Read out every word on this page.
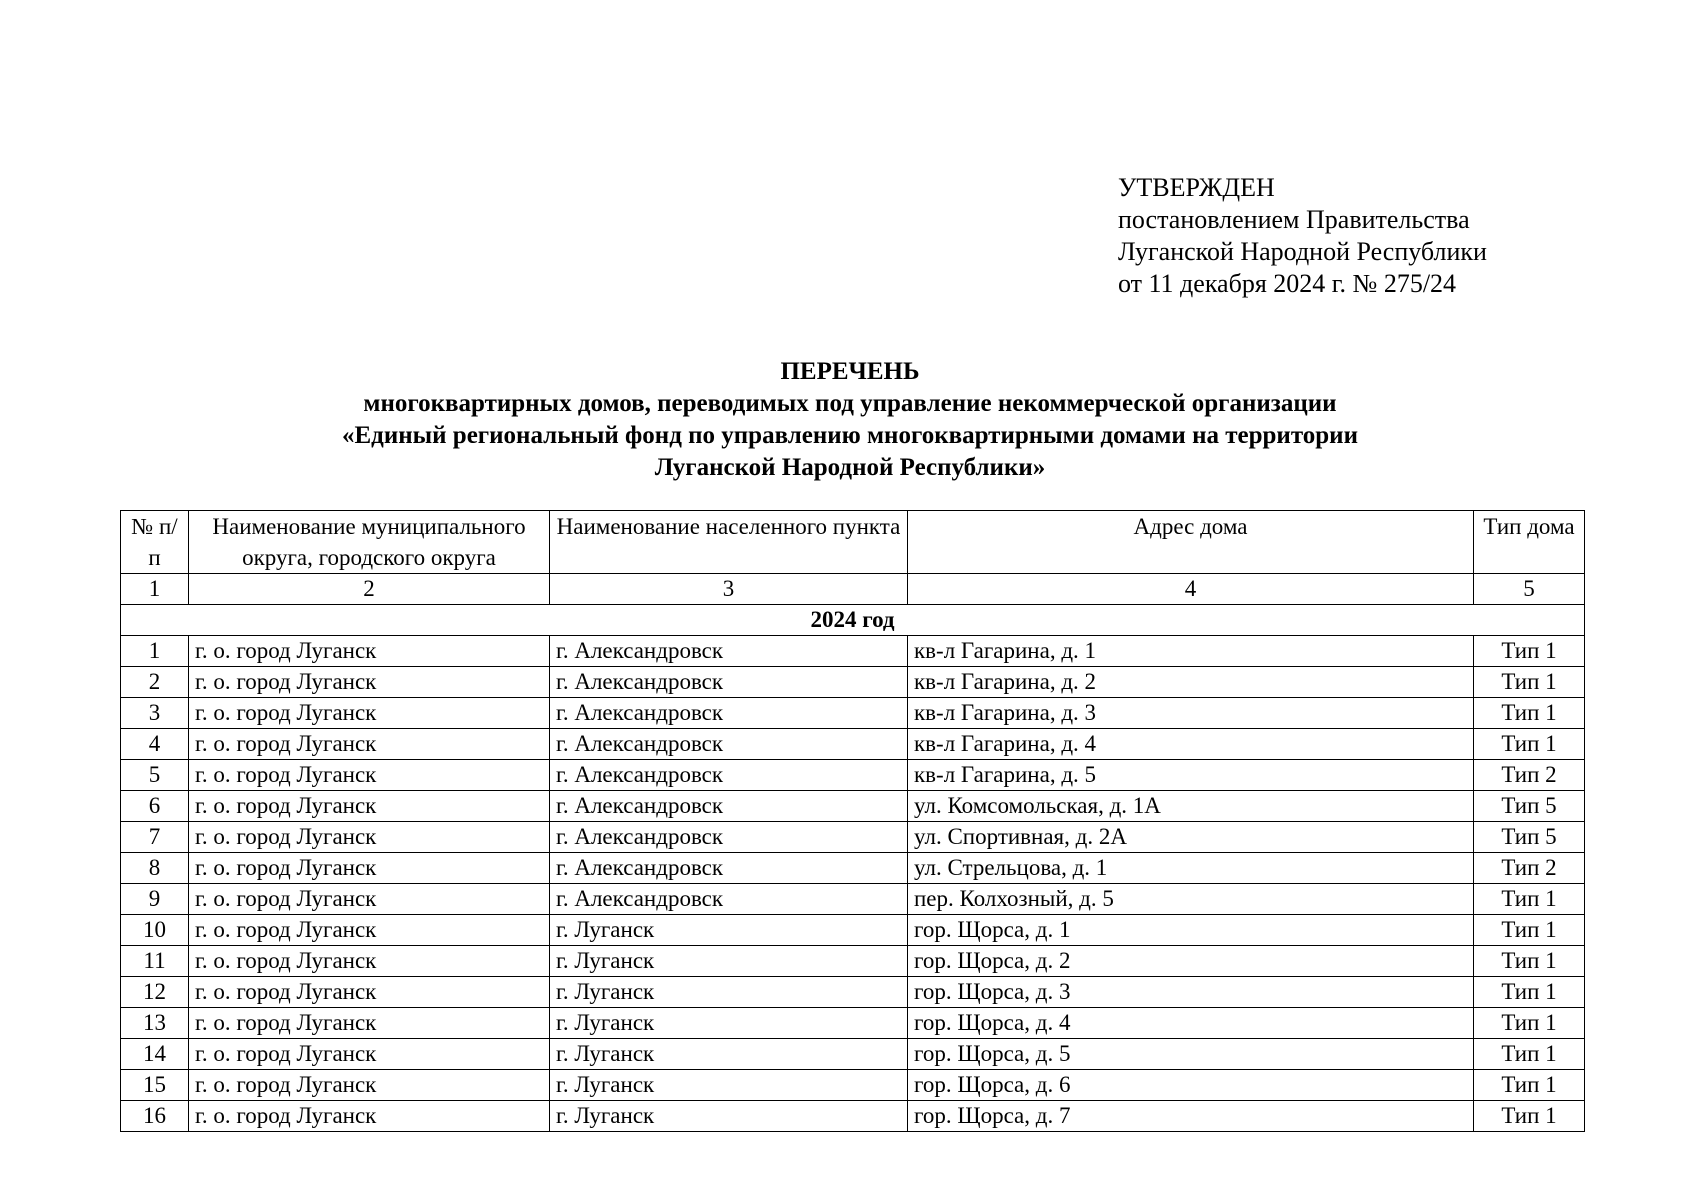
УТВЕРЖДЕН
постановлением Правительства
Луганской Народной Республики
от 11 декабря 2024 г. № 275/24
ПЕРЕЧЕНЬ
многоквартирных домов, переводимых под управление некоммерческой организации
«Единый региональный фонд по управлению многоквартирными домами на территории
Луганской Народной Республики»
№ п/п	Наименование муниципального округа, городского округа	Наименование населенного пункта	Адрес дома	Тип дома
1	2	3	4	5
2024 год				
1	г. о. город Луганск	г. Александровск	кв-л Гагарина, д. 1	Тип 1
2	г. о. город Луганск	г. Александровск	кв-л Гагарина, д. 2	Тип 1
3	г. о. город Луганск	г. Александровск	кв-л Гагарина, д. 3	Тип 1
4	г. о. город Луганск	г. Александровск	кв-л Гагарина, д. 4	Тип 1
5	г. о. город Луганск	г. Александровск	кв-л Гагарина, д. 5	Тип 2
6	г. о. город Луганск	г. Александровск	ул. Комсомольская, д. 1А	Тип 5
7	г. о. город Луганск	г. Александровск	ул. Спортивная, д. 2А	Тип 5
8	г. о. город Луганск	г. Александровск	ул. Стрельцова, д. 1	Тип 2
9	г. о. город Луганск	г. Александровск	пер. Колхозный, д. 5	Тип 1
10	г. о. город Луганск	г. Луганск	гор. Щорса, д. 1	Тип 1
11	г. о. город Луганск	г. Луганск	гор. Щорса, д. 2	Тип 1
12	г. о. город Луганск	г. Луганск	гор. Щорса, д. 3	Тип 1
13	г. о. город Луганск	г. Луганск	гор. Щорса, д. 4	Тип 1
14	г. о. город Луганск	г. Луганск	гор. Щорса, д. 5	Тип 1
15	г. о. город Луганск	г. Луганск	гор. Щорса, д. 6	Тип 1
16	г. о. город Луганск	г. Луганск	гор. Щорса, д. 7	Тип 1
